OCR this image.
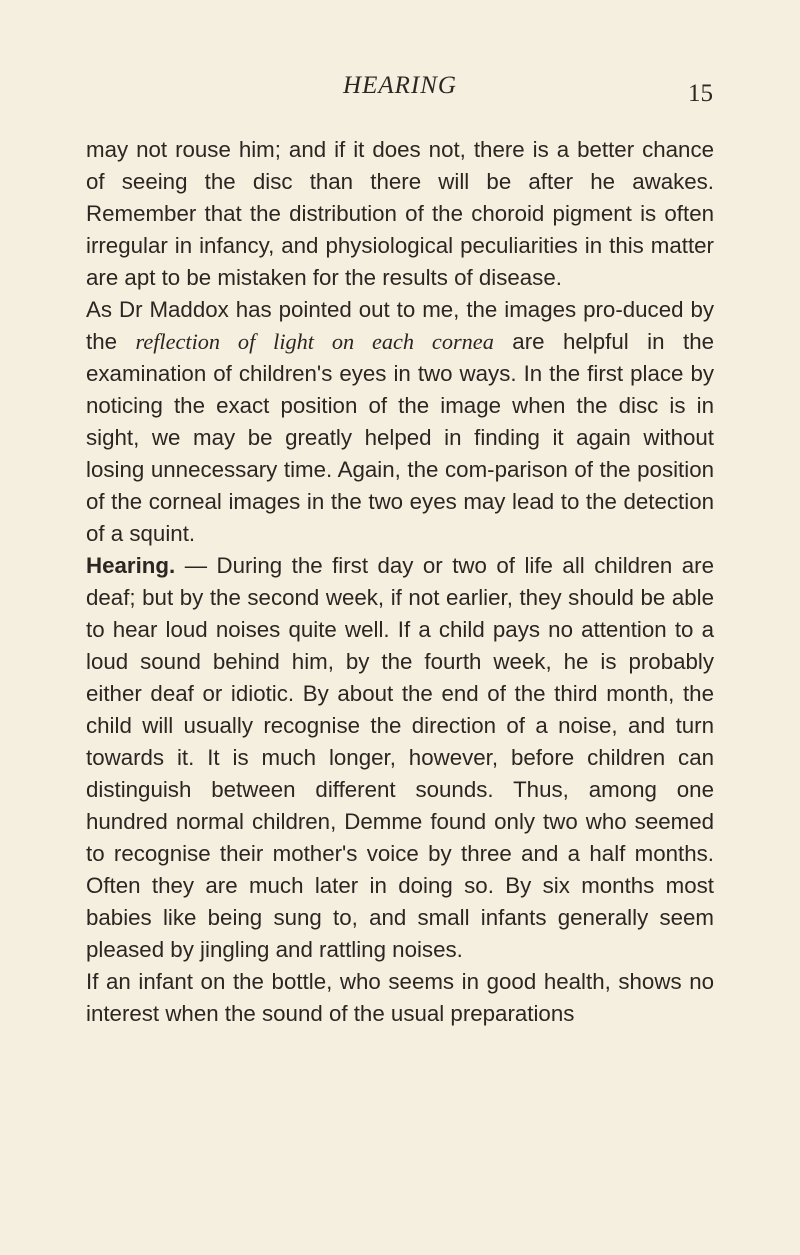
HEARING	15

may not rouse him; and if it does not, there is a better chance of seeing the disc than there will be after he awakes. Remember that the distribution of the choroid pigment is often irregular in infancy, and physiological peculiarities in this matter are apt to be mistaken for the results of disease.

As Dr Maddox has pointed out to me, the images pro-duced by the reflection of light on each cornea are helpful in the examination of children's eyes in two ways. In the first place by noticing the exact position of the image when the disc is in sight, we may be greatly helped in finding it again without losing unnecessary time. Again, the com-parison of the position of the corneal images in the two eyes may lead to the detection of a squint.

Hearing. — During the first day or two of life all children are deaf; but by the second week, if not earlier, they should be able to hear loud noises quite well. If a child pays no attention to a loud sound behind him, by the fourth week, he is probably either deaf or idiotic. By about the end of the third month, the child will usually recognise the direction of a noise, and turn towards it. It is much longer, however, before children can distinguish between different sounds. Thus, among one hundred normal children, Demme found only two who seemed to recognise their mother's voice by three and a half months. Often they are much later in doing so. By six months most babies like being sung to, and small infants generally seem pleased by jingling and rattling noises.

If an infant on the bottle, who seems in good health, shows no interest when the sound of the usual preparations
